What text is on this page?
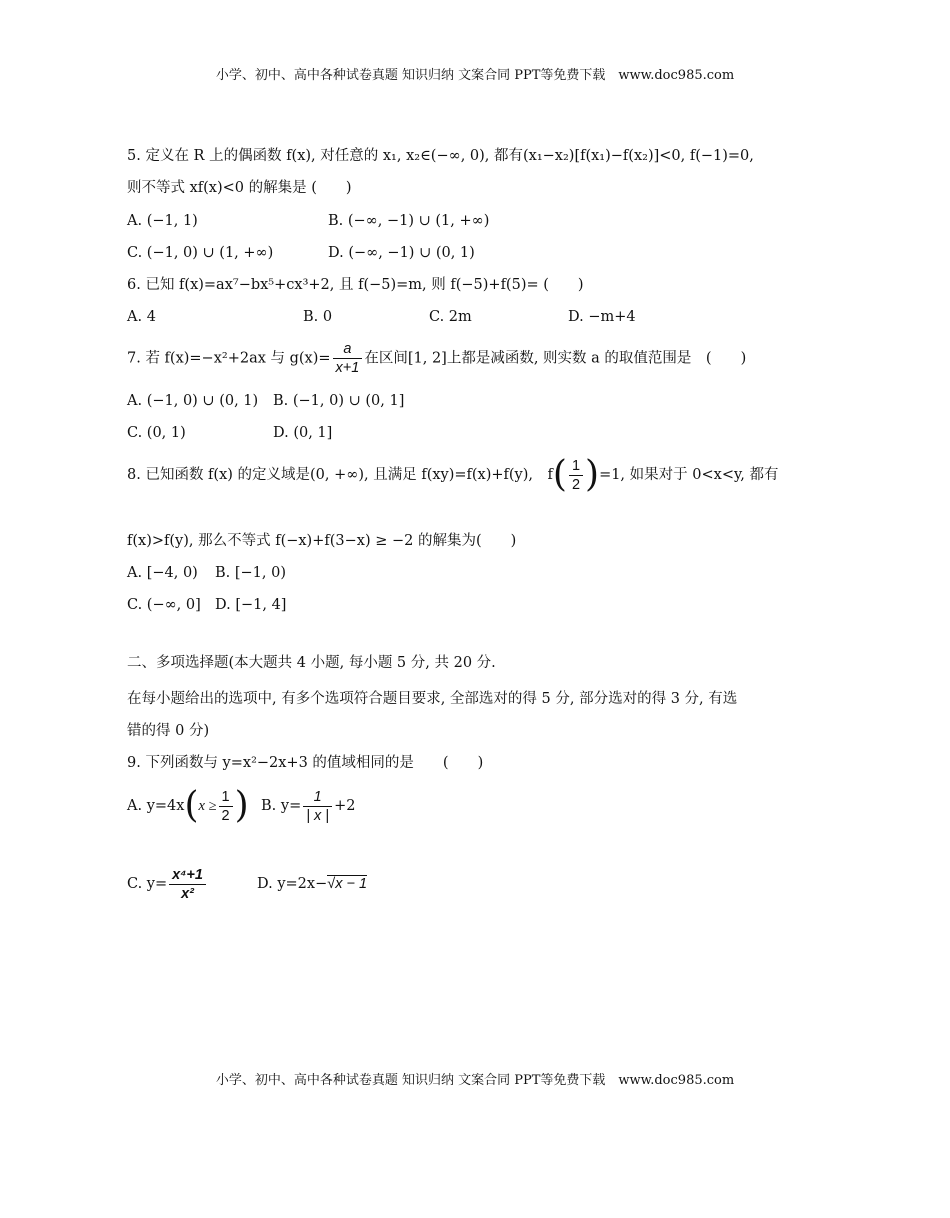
小学、初中、高中各种试卷真题 知识归纳 文案合同 PPT等免费下载　www.doc985.com
5. 定义在 R 上的偶函数 f(x), 对任意的 x₁, x₂∈(−∞, 0), 都有(x₁−x₂)[f(x₁)−f(x₂)]<0, f(−1)=0,
则不等式 xf(x)<0 的解集是 (　　)
A. (−1, 1)	B. (−∞, −1) ∪ (1, +∞)
C. (−1, 0) ∪ (1, +∞)	D. (−∞, −1) ∪ (0, 1)
6. 已知 f(x)=ax⁷−bx⁵+cx³+2, 且 f(−5)=m, 则 f(−5)+f(5)= (　　)
A. 4	B. 0	C. 2m	D. −m+4
7. 若 f(x)=−x²+2ax 与 $g(x)= \frac{a}{x+1}$ 在区间[1, 2]上都是减函数, 则实数 a 的取值范围是　(　　)
A. (−1, 0) ∪ (0, 1) B. (−1, 0) ∪ (0, 1]
C. (0, 1)	D. (0, 1]
8. 已知函数 f(x) 的定义域是(0, +∞), 且满足 f(xy)=f(x)+f(y),　$f( \frac{1}{2} )=1$, 如果对于 0<x<y, 都有
f(x)>f(y), 那么不等式 f(−x)+f(3−x) ≥ −2 的解集为(　　)
A. [−4, 0) B. [−1, 0)
C. (−∞, 0] D. [−1, 4]
二、多项选择题(本大题共 4 小题, 每小题 5 分, 共 20 分.
在每小题给出的选项中, 有多个选项符合题目要求, 全部选对的得 5 分, 部分选对的得 3 分, 有选
错的得 0 分)
9. 下列函数与 y=x²−2x+3 的值域相同的是　　(　　)
A. $y=4x(x \ge \frac{1}{2}$ ) B. $y= \frac{1}{| x |} +2$
C. $y= \frac{\text{x⁴+1}}{\text{x²}}$	D. y=2x−√x − 1
小学、初中、高中各种试卷真题 知识归纳 文案合同 PPT等免费下载　www.doc985.com
